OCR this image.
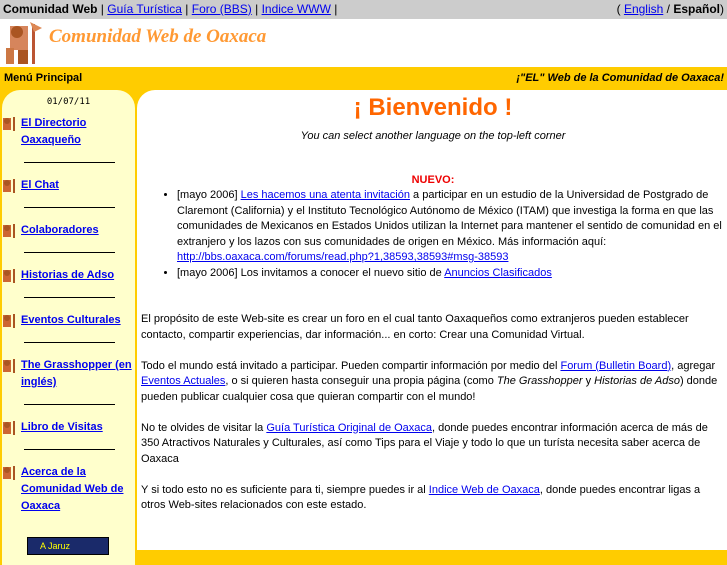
Comunidad Web | Guía Turística | Foro (BBS) | Indice WWW |	( English / Español)
Comunidad Web de Oaxaca
Menú Principal	¡"EL" Web de la Comunidad de Oaxaca!
01/07/11
El Directorio Oaxaqueño
El Chat
Colaboradores
Historias de Adso
Eventos Culturales
The Grasshopper (en inglés)
Libro de Visitas
Acerca de la Comunidad Web de Oaxaca
A Jaruz
¡ Bienvenido !
You can select another language on the top-left corner
NUEVO:
• [mayo 2006] Les hacemos una atenta invitación a participar en un estudio de la Universidad de Postgrado de Claremont (California) y el Instituto Tecnológico Autónomo de México (ITAM) que investiga la forma en que las comunidades de Mexicanos en Estados Unidos utilizan la Internet para mantener el sentido de comunidad en el extranjero y los lazos con sus comunidades de origen en México. Más información aquí: http://bbs.oaxaca.com/forums/read.php?1,38593,38593#msg-38593
• [mayo 2006] Los invitamos a conocer el nuevo sitio de Anuncios Clasificados

El propósito de este Web-site es crear un foro en el cual tanto Oaxaqueños como extranjeros pueden establecer contacto, compartir experiencias, dar información... en corto: Crear una Comunidad Virtual.

Todo el mundo está invitado a participar. Pueden compartir información por medio del Forum (Bulletin Board), agregar Eventos Actuales, o si quieren hasta conseguir una propia página (como The Grasshopper y Historias de Adso) donde pueden publicar cualquier cosa que quieran compartir con el mundo!

No te olvides de visitar la Guía Turística Original de Oaxaca, donde puedes encontrar información acerca de más de 350 Atractivos Naturales y Culturales, así como Tips para el Viaje y todo lo que un turísta necesita saber acerca de Oaxaca

Y si todo esto no es suficiente para ti, siempre puedes ir al Indice Web de Oaxaca, donde puedes encontrar ligas a otros Web-sites relacionados con este estado.
